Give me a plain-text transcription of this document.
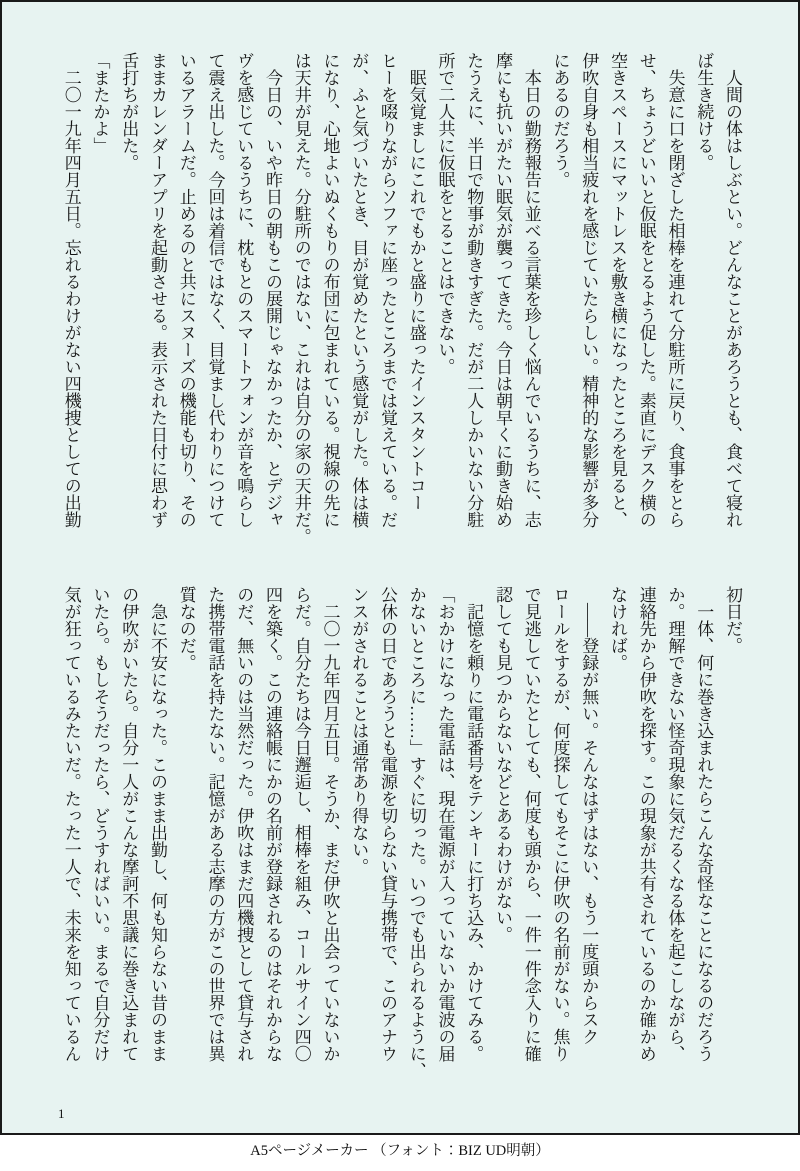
　人間の体はしぶとい。どんなことがあろうとも、食べて寝れ
ば生き続ける。
　失意に口を閉ざした相棒を連れて分駐所に戻り、食事をとら
せ、ちょうどいいと仮眠をとるよう促した。素直にデスク横の
空きスペースにマットレスを敷き横になったところを見ると、
伊吹自身も相当疲れを感じていたらしい。精神的な影響が多分
にあるのだろう。
　本日の勤務報告に並べる言葉を珍しく悩んでいるうちに、志
摩にも抗いがたい眠気が襲ってきた。今日は朝早くに動き始め
たうえに、半日で物事が動きすぎた。だが二人しかいない分駐
所で二人共に仮眠をとることはできない。
　眠気覚ましにこれでもかと盛りに盛ったインスタントコー
ヒーを啜りながらソファに座ったところまでは覚えている。だ
が、ふと気づいたとき、目が覚めたという感覚がした。体は横
になり、心地よいぬくもりの布団に包まれている。視線の先に
は天井が見えた。分駐所のではない、これは自分の家の天井だ。
　今日の、いや昨日の朝もこの展開じゃなかったか、とデジャ
ヴを感じているうちに、枕もとのスマートフォンが音を鳴らし
て震え出した。今回は着信ではなく、目覚まし代わりにつけて
いるアラームだ。止めるのと共にスヌーズの機能も切り、その
ままカレンダーアプリを起動させる。表示された日付に思わず
舌打ちが出た。
「またかよ」
　二〇一九年四月五日。忘れるわけがない四機捜としての出勤
初日だ。
　一体、何に巻き込まれたらこんな奇怪なことになるのだろう
か。理解できない怪奇現象に気だるくなる体を起こしながら、
連絡先から伊吹を探す。この現象が共有されているのか確かめ
なければ。
　――登録が無い。そんなはずはない、もう一度頭からスク
ロールをするが、何度探してもそこに伊吹の名前がない。焦り
で見逃していたとしても、何度も頭から、一件一件念入りに確
認しても見つからないなどとあるわけがない。
　記憶を頼りに電話番号をテンキーに打ち込み、かけてみる。
「おかけになった電話は、現在電源が入っていないか電波の届
かないところに……」すぐに切った。いつでも出られるように、
公休の日であろうとも電源を切らない貸与携帯で、このアナウ
ンスがされることは通常あり得ない。
　二〇一九年四月五日。そうか、まだ伊吹と出会っていないか
らだ。自分たちは今日邂逅し、相棒を組み、コールサイン四〇
四を築く。この連絡帳にかの名前が登録されるのはそれからな
のだ、無いのは当然だった。伊吹はまだ四機捜として貸与され
た携帯電話を持たない。記憶がある志摩の方がこの世界では異
質なのだ。
　急に不安になった。このまま出勤し、何も知らない昔のまま
の伊吹がいたら。自分一人がこんな摩訶不思議に巻き込まれて
いたら。もしそうだったら、どうすればいい。まるで自分だけ
気が狂っているみたいだ。たった一人で、未来を知っているん
1
A5ページメーカー （フォント：BIZ UD明朝）
